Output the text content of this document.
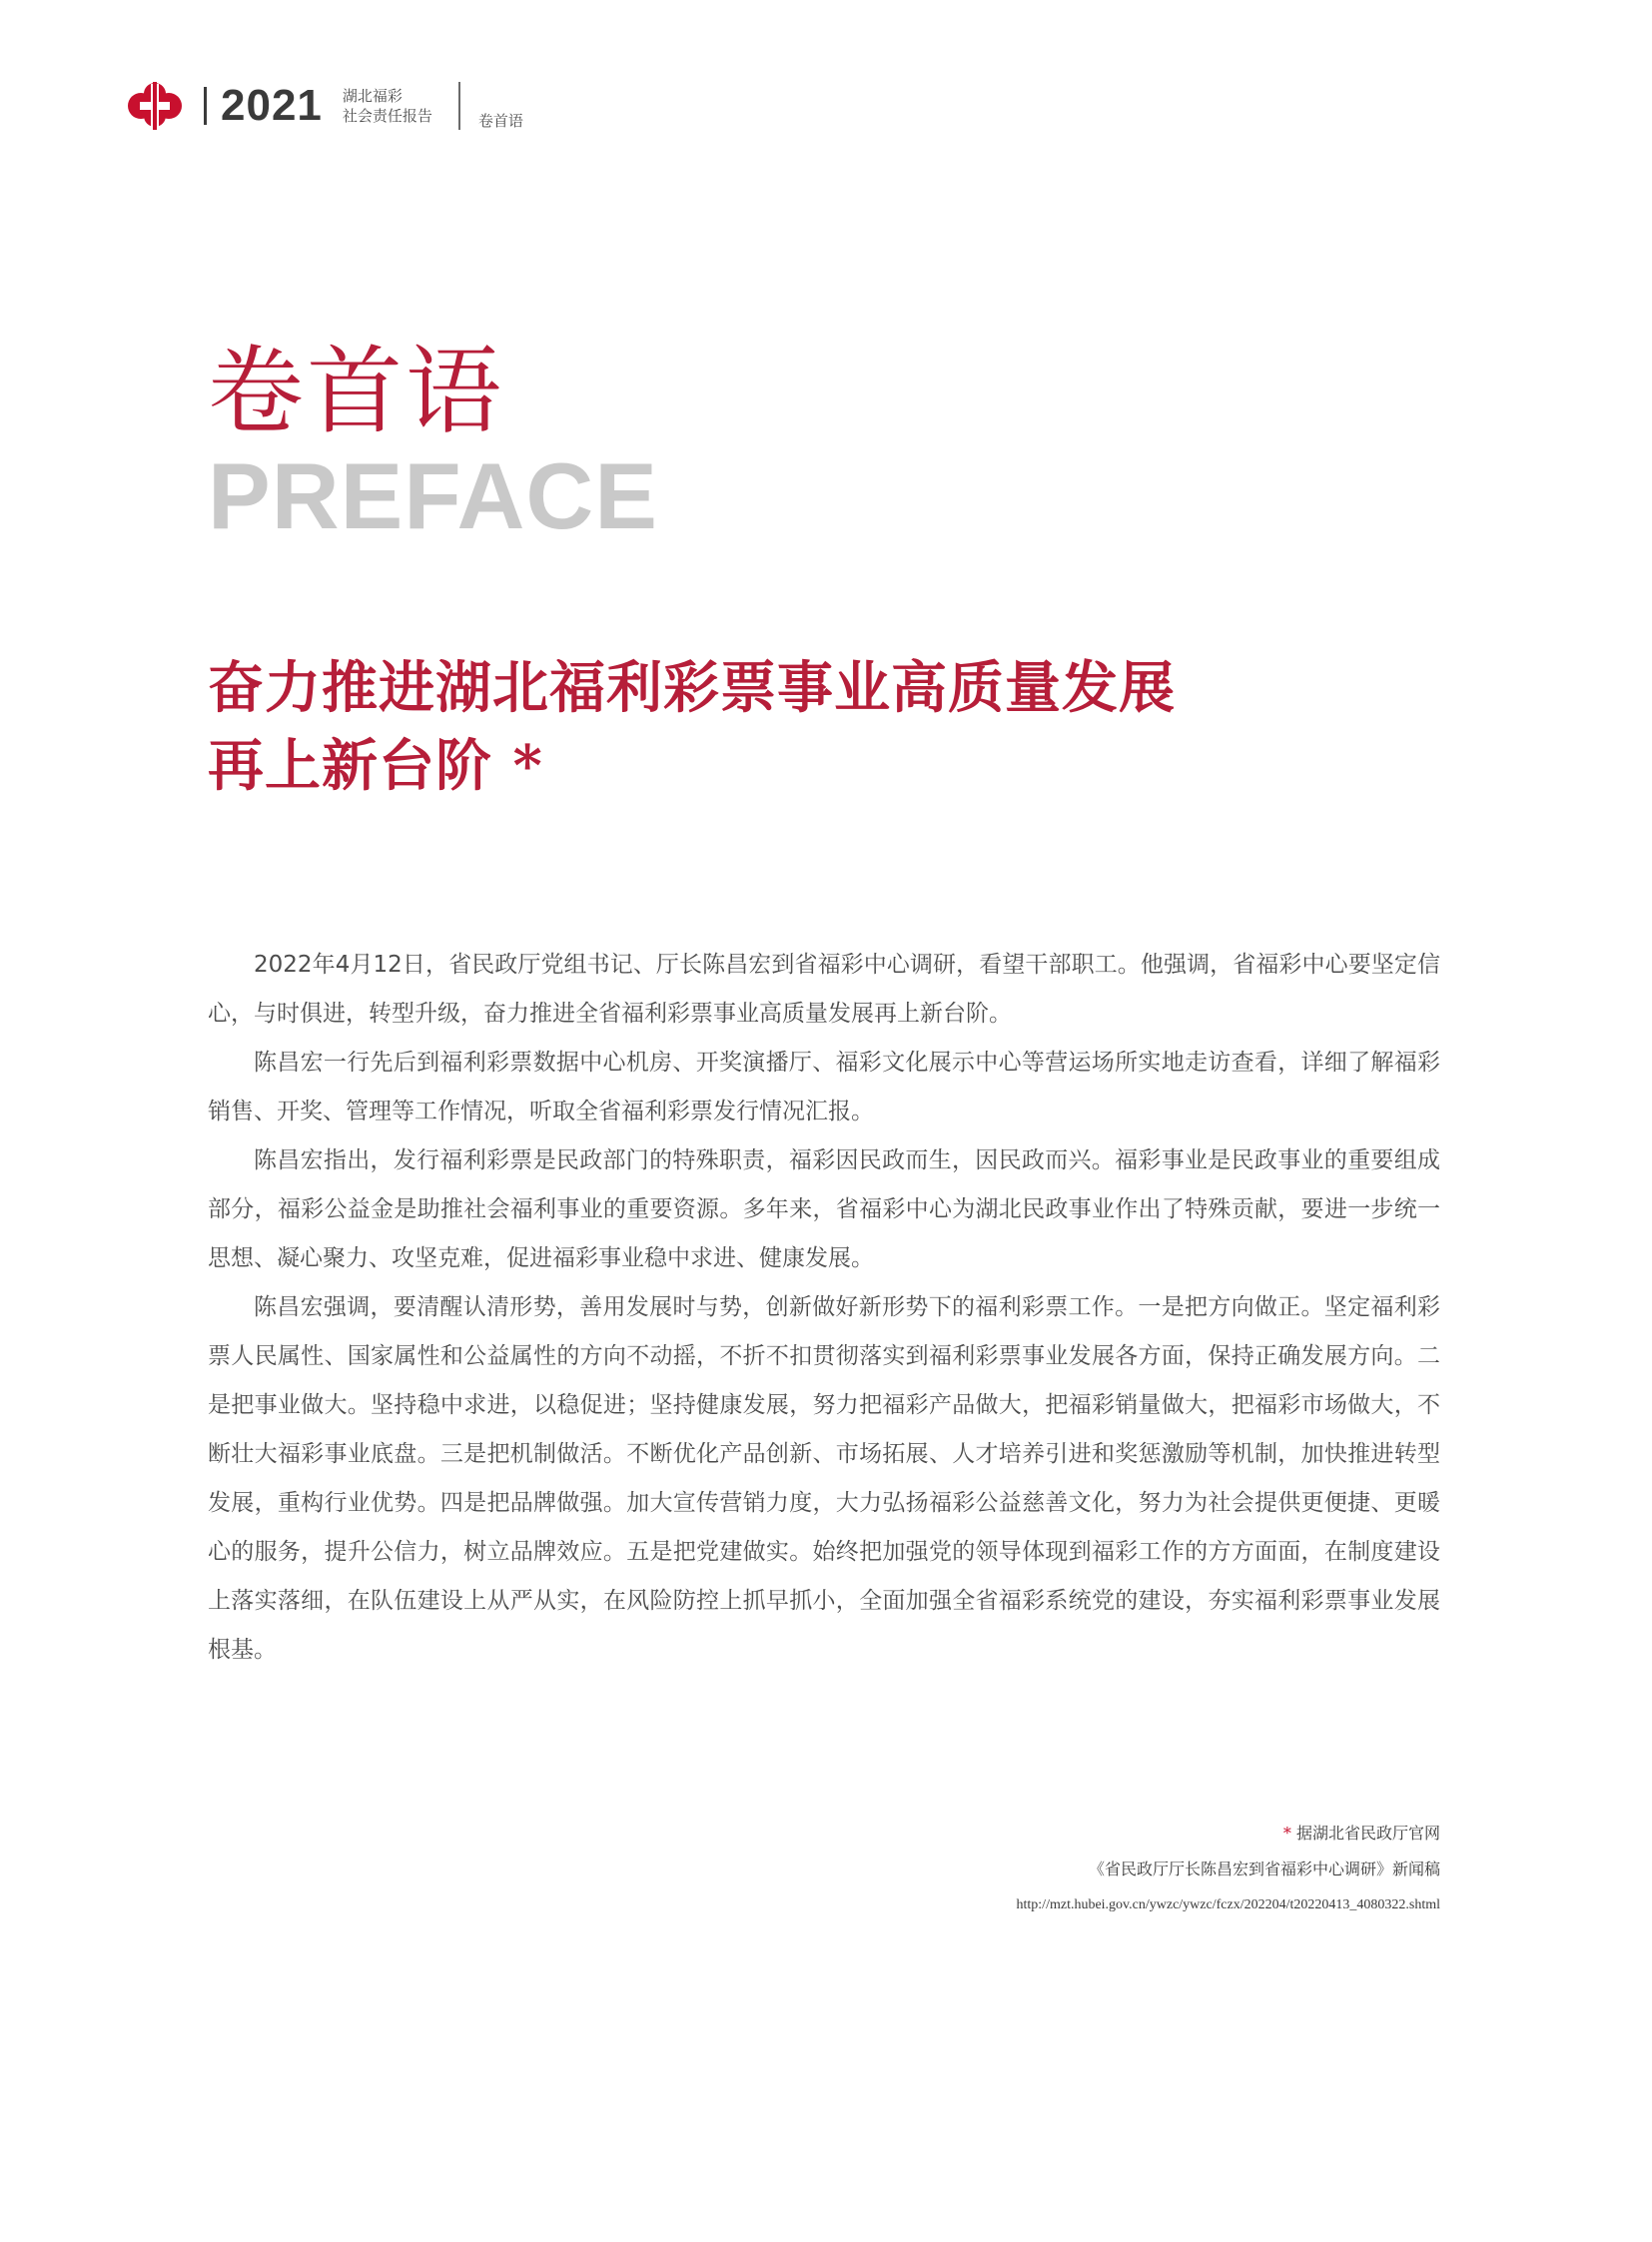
2021 湖北福彩
社会责任报告	卷首语
卷首语
PREFACE
奋力推进湖北福利彩票事业高质量发展
再上新台阶 *

2022年4月12日，省民政厅党组书记、厅长陈昌宏到省福彩中心调研，看望干部职工。他强调，省福彩中心要坚定信心，与时俱进，转型升级，奋力推进全省福利彩票事业高质量发展再上新台阶。

陈昌宏一行先后到福利彩票数据中心机房、开奖演播厅、福彩文化展示中心等营运场所实地走访查看，详细了解福彩销售、开奖、管理等工作情况，听取全省福利彩票发行情况汇报。

陈昌宏指出，发行福利彩票是民政部门的特殊职责，福彩因民政而生，因民政而兴。福彩事业是民政事业的重要组成部分，福彩公益金是助推社会福利事业的重要资源。多年来，省福彩中心为湖北民政事业作出了特殊贡献，要进一步统一思想、凝心聚力、攻坚克难，促进福彩事业稳中求进、健康发展。

陈昌宏强调，要清醒认清形势，善用发展时与势，创新做好新形势下的福利彩票工作。一是把方向做正。坚定福利彩票人民属性、国家属性和公益属性的方向不动摇，不折不扣贯彻落实到福利彩票事业发展各方面，保持正确发展方向。二是把事业做大。坚持稳中求进，以稳促进；坚持健康发展，努力把福彩产品做大，把福彩销量做大，把福彩市场做大，不断壮大福彩事业底盘。三是把机制做活。不断优化产品创新、市场拓展、人才培养引进和奖惩激励等机制，加快推进转型发展，重构行业优势。四是把品牌做强。加大宣传营销力度，大力弘扬福彩公益慈善文化，努力为社会提供更便捷、更暖心的服务，提升公信力，树立品牌效应。五是把党建做实。始终把加强党的领导体现到福彩工作的方方面面，在制度建设上落实落细，在队伍建设上从严从实，在风险防控上抓早抓小，全面加强全省福彩系统党的建设，夯实福利彩票事业发展根基。

* 据湖北省民政厅官网
《省民政厅厅长陈昌宏到省福彩中心调研》新闻稿
http://mzt.hubei.gov.cn/ywzc/ywzc/fczx/202204/t20220413_4080322.shtml
